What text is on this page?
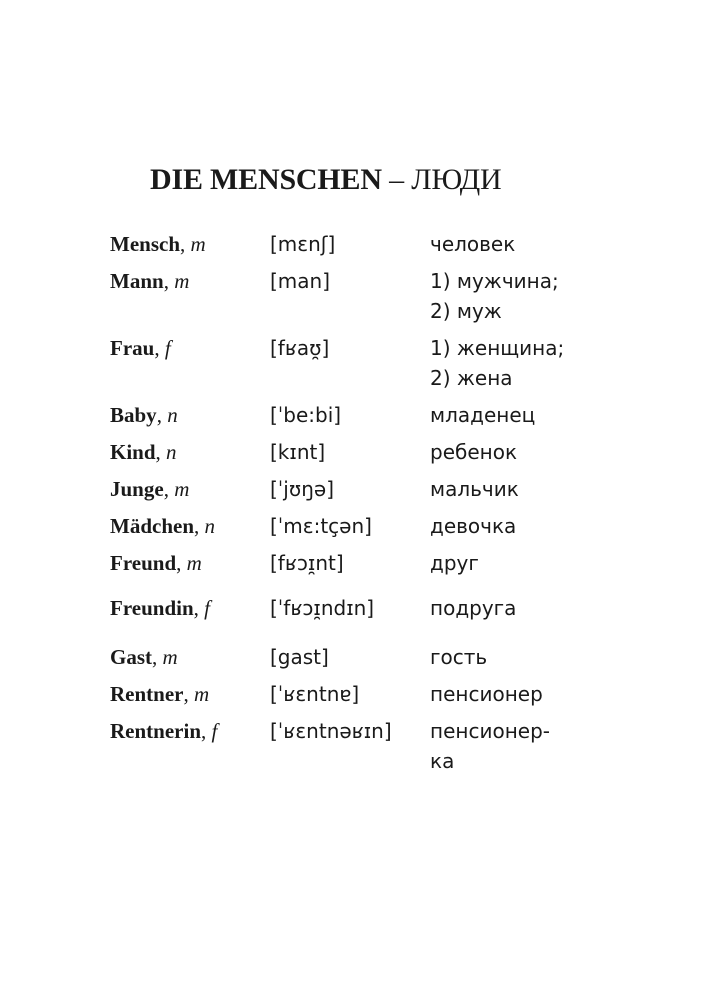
DIE MENSCHEN – ЛЮДИ
Mensch, m	[mɛnʃ]	человек
Mann, m	[man]	1) мужчина;
2) муж
Frau, f	[fʁaʊ̯]	1) женщина;
2) жена
Baby, n	[ˈbe:bi]	младенец
Kind, n	[kɪnt]	ребенок
Junge, m	[ˈjʊŋə]	мальчик
Mädchen, n	[ˈmɛ:tçən]	девочка
Freund, m	[fʁɔɪ̯nt]	друг
Freundin, f	[ˈfʁɔɪ̯ndɪn]	подруга
Gast, m	[gast]	гость
Rentner, m	[ˈʁɛntnɐ]	пенсионер
Rentnerin, f	[ˈʁɛntnəʁɪn]	пенсионер-
ка
